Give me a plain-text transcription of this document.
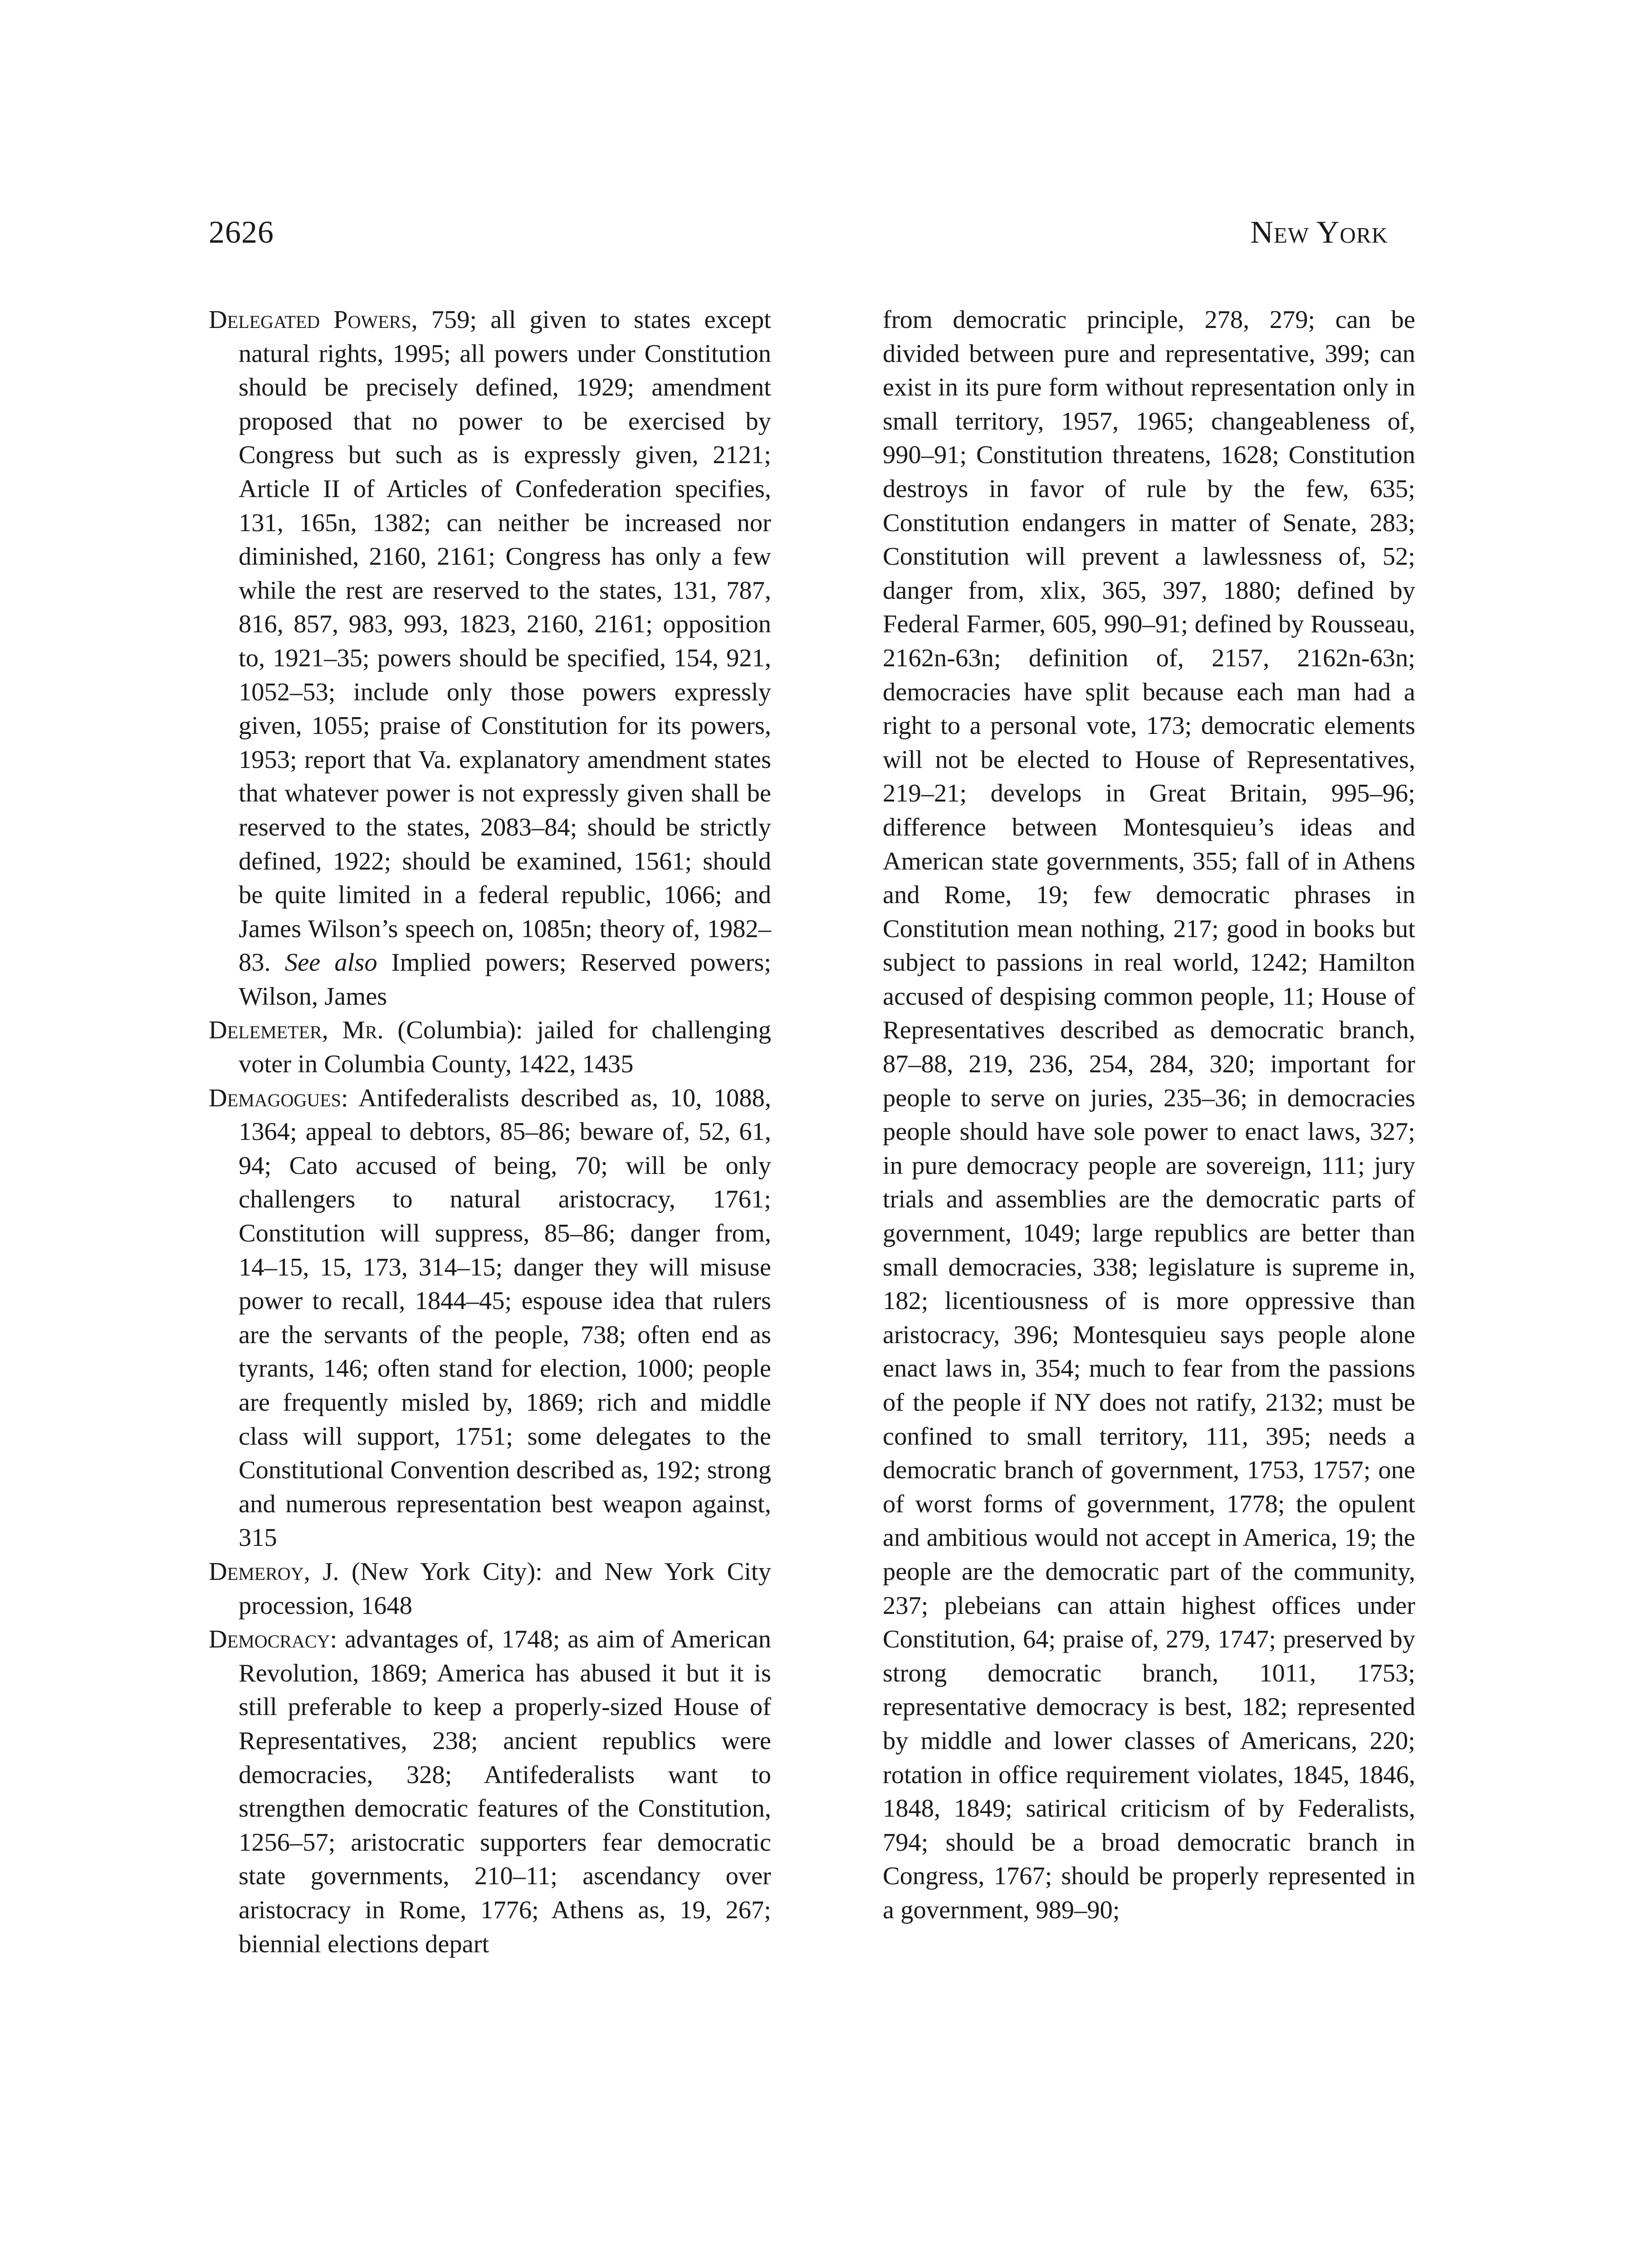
2626	New York

Delegated Powers, 759; all given to states except natural rights, 1995; all powers under Constitution should be precisely defined, 1929; amendment proposed that no power to be exercised by Congress but such as is expressly given, 2121; Article II of Articles of Confederation specifies, 131, 165n, 1382; can neither be increased nor diminished, 2160, 2161; Congress has only a few while the rest are reserved to the states, 131, 787, 816, 857, 983, 993, 1823, 2160, 2161; opposition to, 1921–35; powers should be specified, 154, 921, 1052–53; include only those powers expressly given, 1055; praise of Constitution for its powers, 1953; report that Va. explanatory amendment states that whatever power is not expressly given shall be reserved to the states, 2083–84; should be strictly defined, 1922; should be examined, 1561; should be quite limited in a federal republic, 1066; and James Wilson’s speech on, 1085n; theory of, 1982–83. See also Implied powers; Reserved powers; Wilson, James

Delemeter, Mr. (Columbia): jailed for challenging voter in Columbia County, 1422, 1435

Demagogues: Antifederalists described as, 10, 1088, 1364; appeal to debtors, 85–86; beware of, 52, 61, 94; Cato accused of being, 70; will be only challengers to natural aristocracy, 1761; Constitution will suppress, 85–86; danger from, 14–15, 15, 173, 314–15; danger they will misuse power to recall, 1844–45; espouse idea that rulers are the servants of the people, 738; often end as tyrants, 146; often stand for election, 1000; people are frequently misled by, 1869; rich and middle class will support, 1751; some delegates to the Constitutional Convention described as, 192; strong and numerous representation best weapon against, 315

Demeroy, J. (New York City): and New York City procession, 1648

Democracy: advantages of, 1748; as aim of American Revolution, 1869; America has abused it but it is still preferable to keep a properly-sized House of Representatives, 238; ancient republics were democracies, 328; Antifederalists want to strengthen democratic features of the Constitution, 1256–57; aristocratic supporters fear democratic state governments, 210–11; ascendancy over aristocracy in Rome, 1776; Athens as, 19, 267; biennial elections depart

from democratic principle, 278, 279; can be divided between pure and representative, 399; can exist in its pure form without representation only in small territory, 1957, 1965; changeableness of, 990–91; Constitution threatens, 1628; Constitution destroys in favor of rule by the few, 635; Constitution endangers in matter of Senate, 283; Constitution will prevent a lawlessness of, 52; danger from, xlix, 365, 397, 1880; defined by Federal Farmer, 605, 990–91; defined by Rousseau, 2162n-63n; definition of, 2157, 2162n-63n; democracies have split because each man had a right to a personal vote, 173; democratic elements will not be elected to House of Representatives, 219–21; develops in Great Britain, 995–96; difference between Montesquieu’s ideas and American state governments, 355; fall of in Athens and Rome, 19; few democratic phrases in Constitution mean nothing, 217; good in books but subject to passions in real world, 1242; Hamilton accused of despising common people, 11; House of Representatives described as democratic branch, 87–88, 219, 236, 254, 284, 320; important for people to serve on juries, 235–36; in democracies people should have sole power to enact laws, 327; in pure democracy people are sovereign, 111; jury trials and assemblies are the democratic parts of government, 1049; large republics are better than small democracies, 338; legislature is supreme in, 182; licentiousness of is more oppressive than aristocracy, 396; Montesquieu says people alone enact laws in, 354; much to fear from the passions of the people if NY does not ratify, 2132; must be confined to small territory, 111, 395; needs a democratic branch of government, 1753, 1757; one of worst forms of government, 1778; the opulent and ambitious would not accept in America, 19; the people are the democratic part of the community, 237; plebeians can attain highest offices under Constitution, 64; praise of, 279, 1747; preserved by strong democratic branch, 1011, 1753; representative democracy is best, 182; represented by middle and lower classes of Americans, 220; rotation in office requirement violates, 1845, 1846, 1848, 1849; satirical criticism of by Federalists, 794; should be a broad democratic branch in Congress, 1767; should be properly represented in a government, 989–90;
